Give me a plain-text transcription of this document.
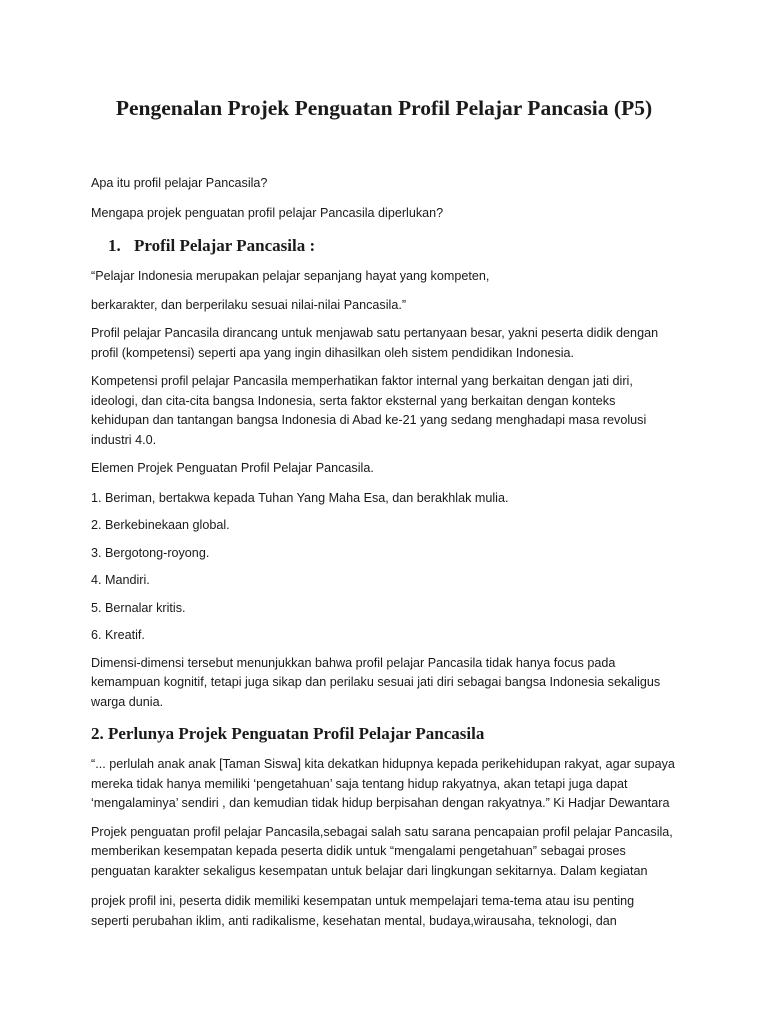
Pengenalan Projek Penguatan Profil Pelajar Pancasia (P5)

Apa itu profil pelajar Pancasila?

Mengapa projek penguatan profil pelajar Pancasila diperlukan?

1. Profil Pelajar Pancasila :

“Pelajar Indonesia merupakan pelajar sepanjang hayat yang kompeten,

berkarakter, dan berperilaku sesuai nilai-nilai Pancasila.”

Profil pelajar Pancasila dirancang untuk menjawab satu pertanyaan besar, yakni peserta didik dengan

profil (kompetensi) seperti apa yang ingin dihasilkan oleh sistem pendidikan Indonesia.

Kompetensi profil pelajar Pancasila memperhatikan faktor internal yang berkaitan dengan jati diri,

ideologi, dan cita-cita bangsa Indonesia, serta faktor eksternal yang berkaitan dengan konteks

kehidupan dan tantangan bangsa Indonesia di Abad ke-21 yang sedang menghadapi masa revolusi

industri 4.0.

Elemen Projek Penguatan Profil Pelajar Pancasila.

1. Beriman, bertakwa kepada Tuhan Yang Maha Esa, dan berakhlak mulia.

2. Berkebinekaan global.

3. Bergotong-royong.

4. Mandiri.

5. Bernalar kritis.

6. Kreatif.

Dimensi-dimensi tersebut menunjukkan bahwa profil pelajar Pancasila tidak hanya focus pada

kemampuan kognitif, tetapi juga sikap dan perilaku sesuai jati diri sebagai bangsa Indonesia sekaligus

warga dunia.

2. Perlunya Projek Penguatan Profil Pelajar Pancasila

“... perlulah anak anak [Taman Siswa] kita dekatkan hidupnya kepada perikehidupan rakyat, agar supaya

mereka tidak hanya memiliki ‘pengetahuan’ saja tentang hidup rakyatnya, akan tetapi juga dapat

‘mengalaminya’ sendiri , dan kemudian tidak hidup berpisahan dengan rakyatnya.” Ki Hadjar Dewantara

Projek penguatan profil pelajar Pancasila,sebagai salah satu sarana pencapaian profil pelajar Pancasila,

memberikan kesempatan kepada peserta didik untuk “mengalami pengetahuan” sebagai proses

penguatan karakter sekaligus kesempatan untuk belajar dari lingkungan sekitarnya. Dalam kegiatan

projek profil ini, peserta didik memiliki kesempatan untuk mempelajari tema-tema atau isu penting

seperti perubahan iklim, anti radikalisme, kesehatan mental, budaya,wirausaha, teknologi, dan
